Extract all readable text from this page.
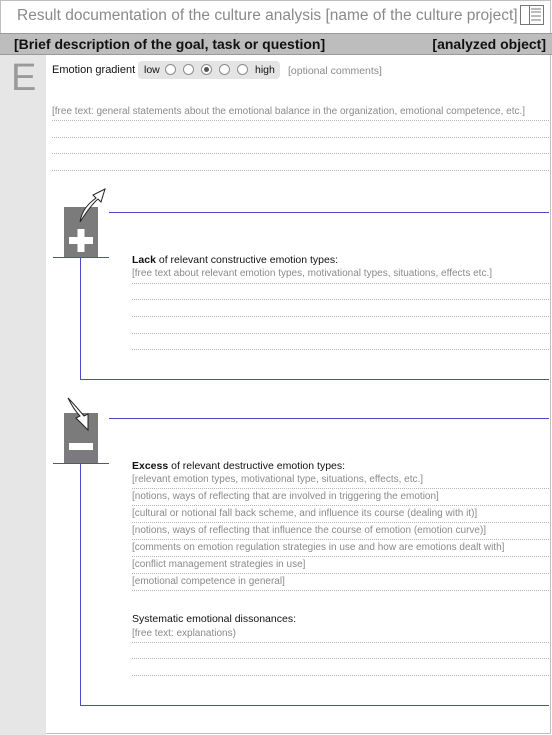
Result documentation of the culture analysis [name of the culture project]
[Brief description of the goal, task or question]	[analyzed object]
E Emotion gradient low	high [optional comments]
[free text: general statements about the emotional balance in the organization, emotional competence, etc.]
Lack of relevant constructive emotion types:
[free text about relevant emotion types, motivational types, situations, effects etc.]
Excess of relevant destructive emotion types:
[relevant emotion types, motivational type, situations, effects, etc.]
[notions, ways of reflecting that are involved in triggering the emotion]
[cultural or notional fall back scheme, and influence its course (dealing with it)]
[notions, ways of reflecting that influence the course of emotion (emotion curve)]
[comments on emotion regulation strategies in use and how are emotions dealt with]
[conflict management strategies in use]
[emotional competence in general]
Systematic emotional dissonances:
[free text: explanations)
